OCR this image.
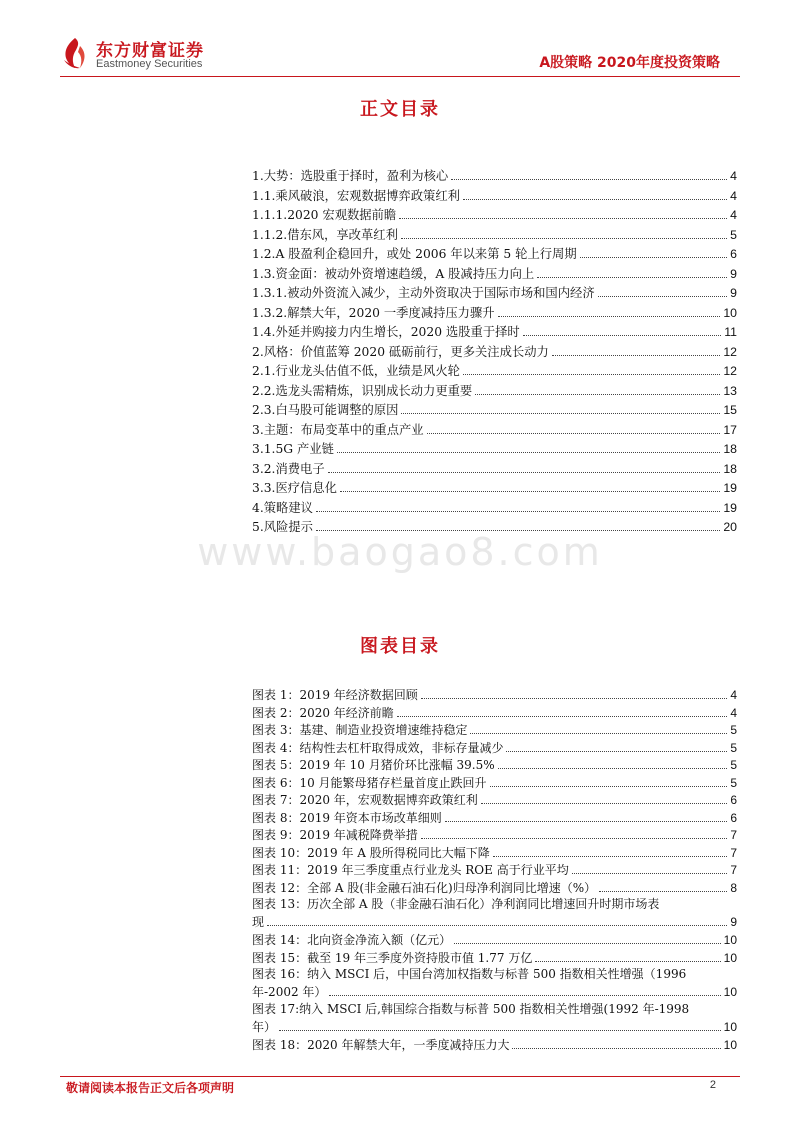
东方财富证券
Eastmoney Securities	A股策略 2020年度投资策略
正文目录
1.大势：选股重于择时，盈利为核心	4
1.1.乘风破浪，宏观数据博弈政策红利	4
1.1.1.2020 宏观数据前瞻	4
1.1.2.借东风，享改革红利	5
1.2.A 股盈利企稳回升，或处 2006 年以来第 5 轮上行周期	6
1.3.资金面：被动外资增速趋缓，A 股减持压力向上	9
1.3.1.被动外资流入减少，主动外资取决于国际市场和国内经济	9
1.3.2.解禁大年，2020 一季度减持压力骤升	10
1.4.外延并购接力内生增长，2020 选股重于择时	11
2.风格：价值蓝筹 2020 砥砺前行，更多关注成长动力	12
2.1.行业龙头估值不低，业绩是风火轮	12
2.2.选龙头需精炼，识别成长动力更重要	13
2.3.白马股可能调整的原因	15
3.主题：布局变革中的重点产业	17
3.1.5G 产业链	18
3.2.消费电子	18
3.3.医疗信息化	19
4.策略建议	19
5.风险提示	20
www.baogao8.com
图表目录
图表 1：2019 年经济数据回顾	4
图表 2：2020 年经济前瞻	4
图表 3：基建、制造业投资增速维持稳定	5
图表 4：结构性去杠杆取得成效，非标存量减少	5
图表 5：2019 年 10 月猪价环比涨幅 39.5%	5
图表 6：10 月能繁母猪存栏量首度止跌回升	5
图表 7：2020 年，宏观数据博弈政策红利	6
图表 8：2019 年资本市场改革细则	6
图表 9：2019 年减税降费举措	7
图表 10：2019 年 A 股所得税同比大幅下降	7
图表 11：2019 年三季度重点行业龙头 ROE 高于行业平均	7
图表 12：全部 A 股(非金融石油石化)归母净利润同比增速（%）	8
图表 13：历次全部 A 股（非金融石油石化）净利润同比增速回升时期市场表
现	9
图表 14：北向资金净流入额（亿元）	10
图表 15：截至 19 年三季度外资持股市值 1.77 万亿	10
图表 16：纳入 MSCI 后，中国台湾加权指数与标普 500 指数相关性增强（1996
年-2002 年）	10
图表 17:纳入 MSCI 后,韩国综合指数与标普 500 指数相关性增强(1992 年-1998
年）	10
图表 18：2020 年解禁大年，一季度减持压力大	10
敬请阅读本报告正文后各项声明	2
